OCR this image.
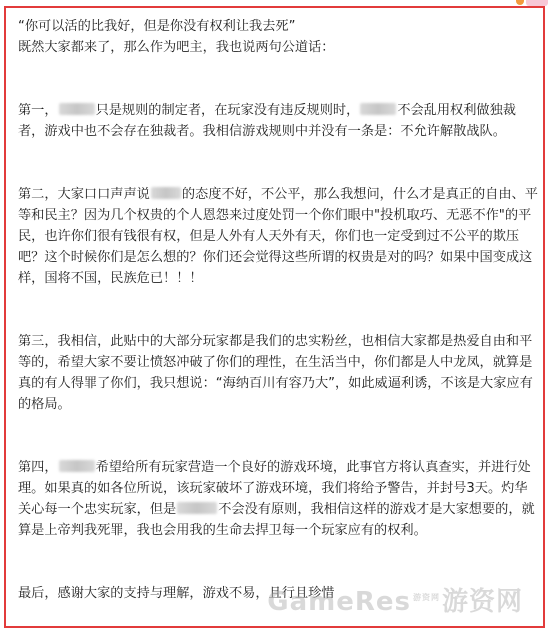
“你可以活的比我好，但是你没有权利让我去死”

既然大家都来了，那么作为吧主，我也说两句公道话：

第一，	只是规则的制定者，在玩家没有违反规则时，	不会乱用权利做独裁者，游戏中也不会存在独裁者。我相信游戏规则中并没有一条是：不允许解散战队。

第二，大家口口声声说 的态度不好，不公平，那么我想问，什么才是真正的自由、平等和民主？因为几个权贵的个人恩怨来过度处罚一个你们眼中"投机取巧、无恶不作"的平民，也许你们很有钱很有权，但是人外有人天外有天，你们也一定受到过不公平的欺压吧？这个时候你们是怎么想的？你们还会觉得这些所谓的权贵是对的吗？如果中国变成这样，国将不国，民族危已！！！

第三，我相信，此贴中的大部分玩家都是我们的忠实粉丝，也相信大家都是热爱自由和平等的，希望大家不要让愤怒冲破了你们的理性，在生活当中，你们都是人中龙凤，就算是真的有人得罪了你们，我只想说：“海纳百川有容乃大”，如此威逼利诱，不该是大家应有的格局。

第四，	希望给所有玩家营造一个良好的游戏环境，此事官方将认真查实，并进行处理。如果真的如各位所说，该玩家破坏了游戏环境，我们将给予警告，并封号3天。灼华关心每一个忠实玩家，但是	不会没有原则，我相信这样的游戏才是大家想要的，就算是上帝判我死罪，我也会用我的生命去捍卫每一个玩家应有的权利。

最后，感谢大家的支持与理解，游戏不易，且行且珍惜

GameRes $^{游资网}$游资网
